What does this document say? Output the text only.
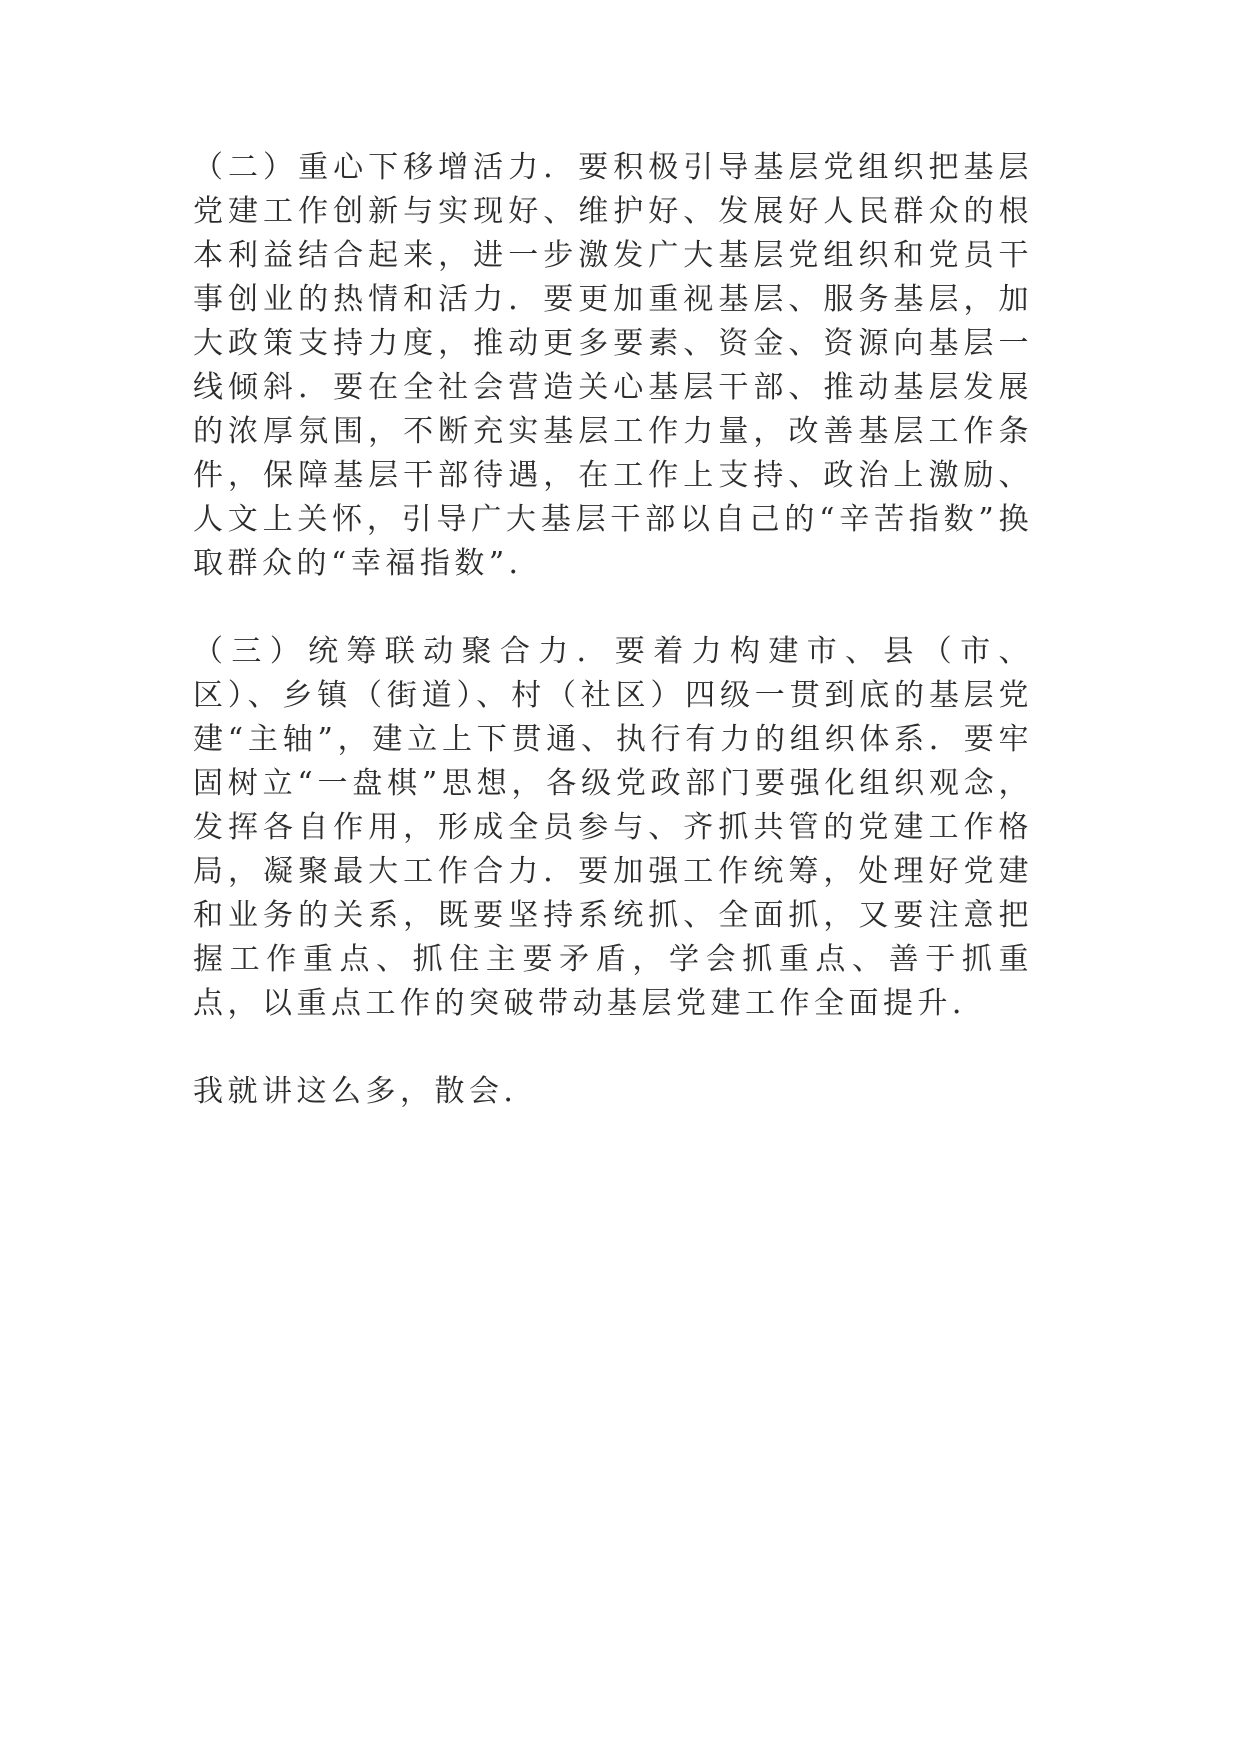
（二）重心下移增活力．要积极引导基层党组织把基层党建工作创新与实现好、维护好、发展好人民群众的根本利益结合起来，进一步激发广大基层党组织和党员干事创业的热情和活力．要更加重视基层、服务基层，加大政策支持力度，推动更多要素、资金、资源向基层一线倾斜．要在全社会营造关心基层干部、推动基层发展的浓厚氛围，不断充实基层工作力量，改善基层工作条件，保障基层干部待遇，在工作上支持、政治上激励、人文上关怀，引导广大基层干部以自己的“辛苦指数”换取群众的“幸福指数”．

（三）统筹联动聚合力．要着力构建市、县（市、区）、乡镇（街道）、村（社区）四级一贯到底的基层党建“主轴”，建立上下贯通、执行有力的组织体系．要牢固树立“一盘棋”思想，各级党政部门要强化组织观念，发挥各自作用，形成全员参与、齐抓共管的党建工作格局，凝聚最大工作合力．要加强工作统筹，处理好党建和业务的关系，既要坚持系统抓、全面抓，又要注意把握工作重点、抓住主要矛盾，学会抓重点、善于抓重点，以重点工作的突破带动基层党建工作全面提升．

我就讲这么多，散会．
